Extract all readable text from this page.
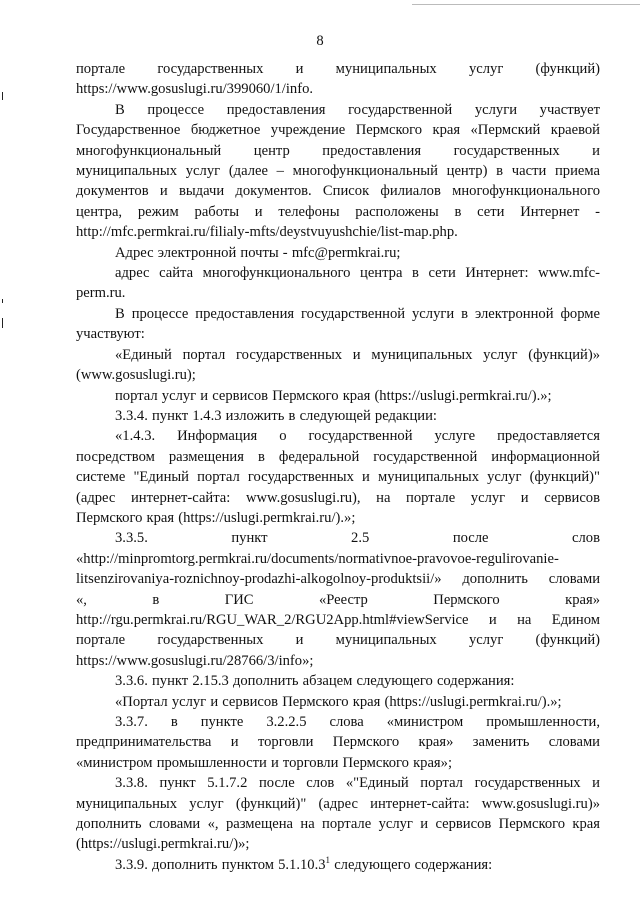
8

порталe государственных и муниципальных услуг (функций)

https://www.gosuslugi.ru/399060/1/info.

В процессе предоставления государственной услуги участвует

Государственное бюджетное учреждение Пермского края «Пермский краевой

многофункциональный центр предоставления государственных и

муниципальных услуг (далее – многофункциональный центр) в части приема

документов и выдачи документов. Список филиалов многофункционального

центра, режим работы и телефоны расположены в сети Интернет -

http://mfc.permkrai.ru/filialy-mfts/deystvuyushchie/list-map.php.

Адрес электронной почты - mfc@permkrai.ru;

адрес сайта многофункционального центра в сети Интернет: www.mfc-

perm.ru.

В процессе предоставления государственной услуги в электронной форме

участвуют:

«Единый портал государственных и муниципальных услуг (функций)»

(www.gosuslugi.ru);

портал услуг и сервисов Пермского края (https://uslugi.permkrai.ru/).»;

3.3.4. пункт 1.4.3 изложить в следующей редакции:

«1.4.3. Информация о государственной услуге предоставляется

посредством размещения в федеральной государственной информационной

системе "Единый портал государственных и муниципальных услуг (функций)"

(адрес интернет-сайта: www.gosuslugi.ru), на портале услуг и сервисов

Пермского края (https://uslugi.permkrai.ru/).»;

3.3.5. пункт 2.5 после слов

«http://minpromtorg.permkrai.ru/documents/normativnoe-pravovoe-regulirovanie-

litsenzirovaniya-roznichnoy-prodazhi-alkogolnoy-produktsii/» дополнить словами

«, в ГИС «Реестр Пермского края»

http://rgu.permkrai.ru/RGU_WAR_2/RGU2App.html#viewService и на Едином

портале государственных и муниципальных услуг (функций)

https://www.gosuslugi.ru/28766/3/info»;

3.3.6. пункт 2.15.3 дополнить абзацем следующего содержания:

«Портал услуг и сервисов Пермского края (https://uslugi.permkrai.ru/).»;

3.3.7. в пункте 3.2.2.5 слова «министром промышленности,

предпринимательства и торговли Пермского края» заменить словами

«министром промышленности и торговли Пермского края»;

3.3.8. пункт 5.1.7.2 после слов «"Единый портал государственных и

муниципальных услуг (функций)" (адрес интернет-сайта: www.gosuslugi.ru)»

дополнить словами «, размещена на портале услуг и сервисов Пермского края

(https://uslugi.permkrai.ru/)»;

3.3.9. дополнить пунктом 5.1.10.3$^1$ следующего содержания:
